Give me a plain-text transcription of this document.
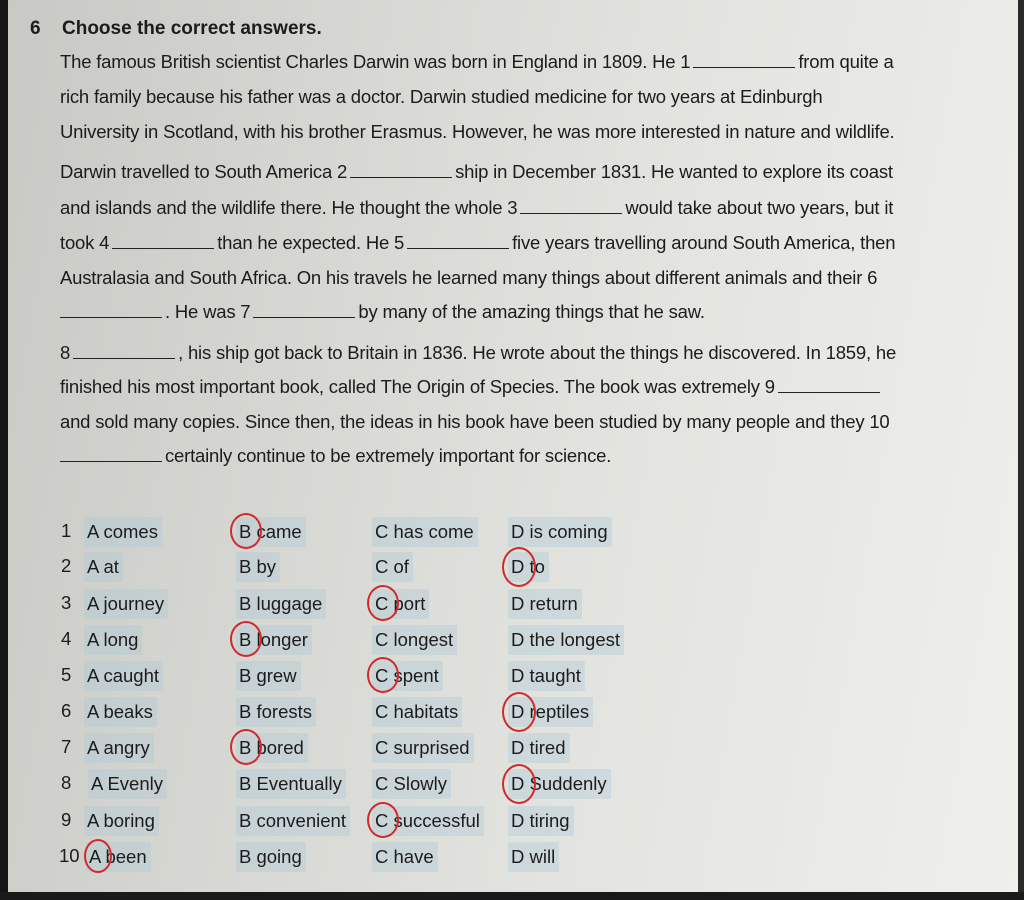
6 Choose the correct answers.
The famous British scientist Charles Darwin was born in England in 1809. He 1	from quite a
rich family because his father was a doctor. Darwin studied medicine for two years at Edinburgh
University in Scotland, with his brother Erasmus. However, he was more interested in nature and wildlife.
Darwin travelled to South America 2	ship in December 1831. He wanted to explore its coast
and islands and the wildlife there. He thought the whole 3	would take about two years, but it
took 4	than he expected. He 5	five years travelling around South America, then
Australasia and South Africa. On his travels he learned many things about different animals and their 6
. He was 7	by many of the amazing things that he saw.
8	, his ship got back to Britain in 1836. He wrote about the things he discovered. In 1859, he
finished his most important book, called The Origin of Species. The book was extremely 9
and sold many copies. Since then, the ideas in his book have been studied by many people and they 10
certainly continue to be extremely important for science.
1 A comes	B came	C has come D is coming
2 A at	B by	C of	D to
3 A journey	B luggage	C port	D return
4 A long	B longer	C longest	D the longest
5 A caught	B grew	C spent	D taught
6 A beaks	B forests	C habitats	D reptiles
7 A angry	B bored	C surprised D tired
8 A Evenly	B Eventually C Slowly	D Suddenly
9 A boring	B convenient C successful D tiring
10 A been	B going	C have	D will
